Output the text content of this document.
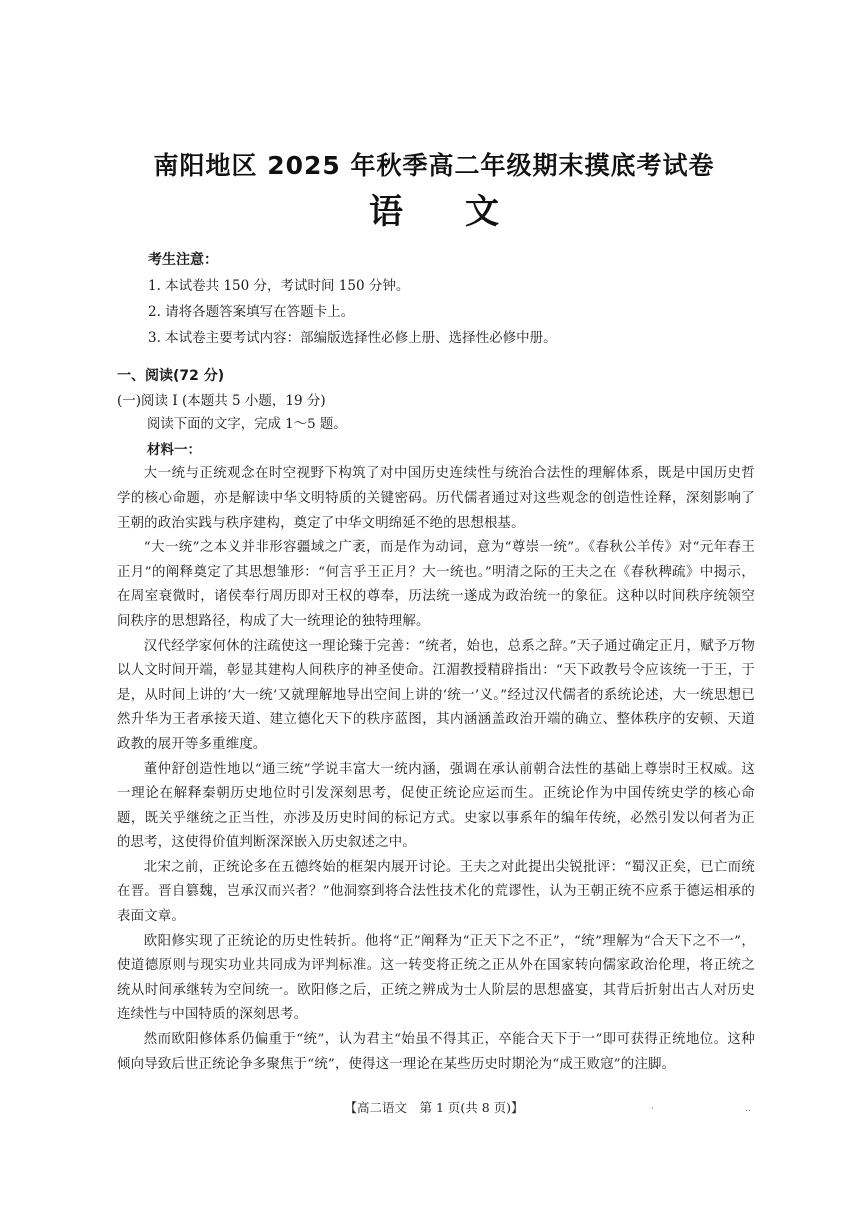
南阳地区 2025 年秋季高二年级期末摸底考试卷
语文
考生注意：
1. 本试卷共 150 分，考试时间 150 分钟。
2. 请将各题答案填写在答题卡上。
3. 本试卷主要考试内容：部编版选择性必修上册、选择性必修中册。
一、阅读(72 分)
(一)阅读 I (本题共 5 小题，19 分)
阅读下面的文字，完成 1～5 题。
材料一：

大一统与正统观念在时空视野下构筑了对中国历史连续性与统治合法性的理解体系，既是中国历史哲学的核心命题，亦是解读中华文明特质的关键密码。历代儒者通过对这些观念的创造性诠释，深刻影响了王朝的政治实践与秩序建构，奠定了中华文明绵延不绝的思想根基。

“大一统”之本义并非形容疆域之广袤，而是作为动词，意为“尊崇一统”。《春秋公羊传》对“元年春王正月”的阐释奠定了其思想雏形：“何言乎王正月？大一统也。”明清之际的王夫之在《春秋稗疏》中揭示，在周室衰微时，诸侯奉行周历即对王权的尊奉，历法统一遂成为政治统一的象征。这种以时间秩序统领空间秩序的思想路径，构成了大一统理论的独特理解。

汉代经学家何休的注疏使这一理论臻于完善：“统者，始也，总系之辞。”天子通过确定正月，赋予万物以人文时间开端，彰显其建构人间秩序的神圣使命。江湄教授精辟指出：“天下政教号令应该统一于王，于是，从时间上讲的‘大一统’又就理解地导出空间上讲的‘统一’义。”经过汉代儒者的系统论述，大一统思想已然升华为王者承接天道、建立德化天下的秩序蓝图，其内涵涵盖政治开端的确立、整体秩序的安顿、天道政教的展开等多重维度。

董仲舒创造性地以“通三统”学说丰富大一统内涵，强调在承认前朝合法性的基础上尊崇时王权威。这一理论在解释秦朝历史地位时引发深刻思考，促使正统论应运而生。正统论作为中国传统史学的核心命题，既关乎继统之正当性，亦涉及历史时间的标记方式。史家以事系年的编年传统，必然引发以何者为正的思考，这使得价值判断深深嵌入历史叙述之中。

北宋之前，正统论多在五德终始的框架内展开讨论。王夫之对此提出尖锐批评：“蜀汉正矣，已亡而统在晋。晋自篡魏，岂承汉而兴者？”他洞察到将合法性技术化的荒谬性，认为王朝正统不应系于德运相承的表面文章。

欧阳修实现了正统论的历史性转折。他将“正”阐释为“正天下之不正”，“统”理解为“合天下之不一”，使道德原则与现实功业共同成为评判标准。这一转变将正统之正从外在国家转向儒家政治伦理，将正统之统从时间承继转为空间统一。欧阳修之后，正统之辨成为士人阶层的思想盛宴，其背后折射出古人对历史连续性与中国特质的深刻思考。

然而欧阳修体系仍偏重于“统”，认为君主“始虽不得其正，卒能合天下于一”即可获得正统地位。这种倾向导致后世正统论争多聚焦于“统”，使得这一理论在某些历史时期沦为“成王败寇”的注脚。

【高二语文　第 1 页(共 8 页)】	·	‥
